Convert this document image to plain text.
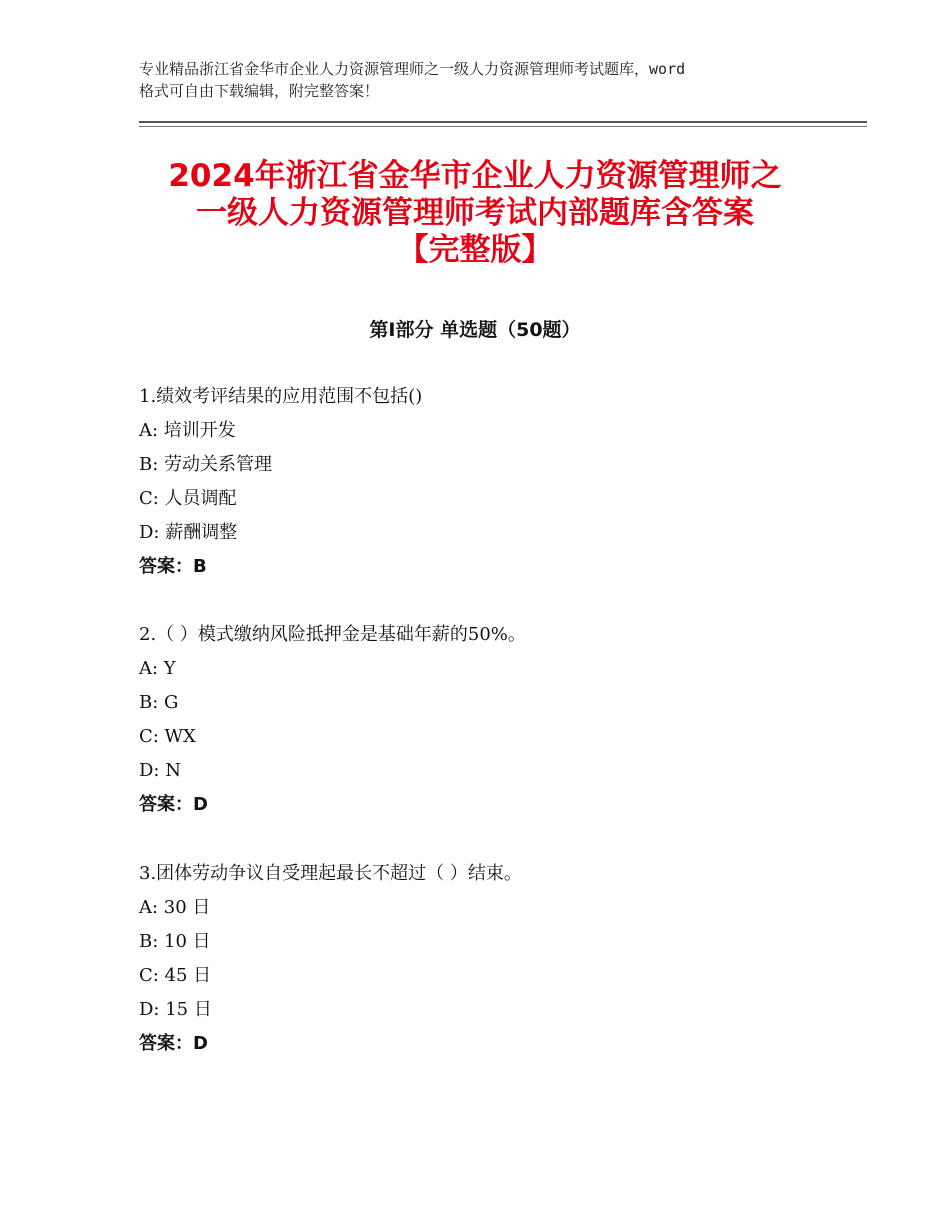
专业精品浙江省金华市企业人力资源管理师之一级人力资源管理师考试题库，word
格式可自由下载编辑，附完整答案！
2024年浙江省金华市企业人力资源管理师之
一级人力资源管理师考试内部题库含答案
【完整版】
第Ⅰ部分 单选题（50题）
1.绩效考评结果的应用范围不包括()
A: 培训开发
B: 劳动关系管理
C: 人员调配
D: 薪酬调整
答案：B
2.（ ）模式缴纳风险抵押金是基础年薪的50%。
A: Y
B: G
C: WX
D: N
答案：D
3.团体劳动争议自受理起最长不超过（ ）结束。
A: 30 日
B: 10 日
C: 45 日
D: 15 日
答案：D
